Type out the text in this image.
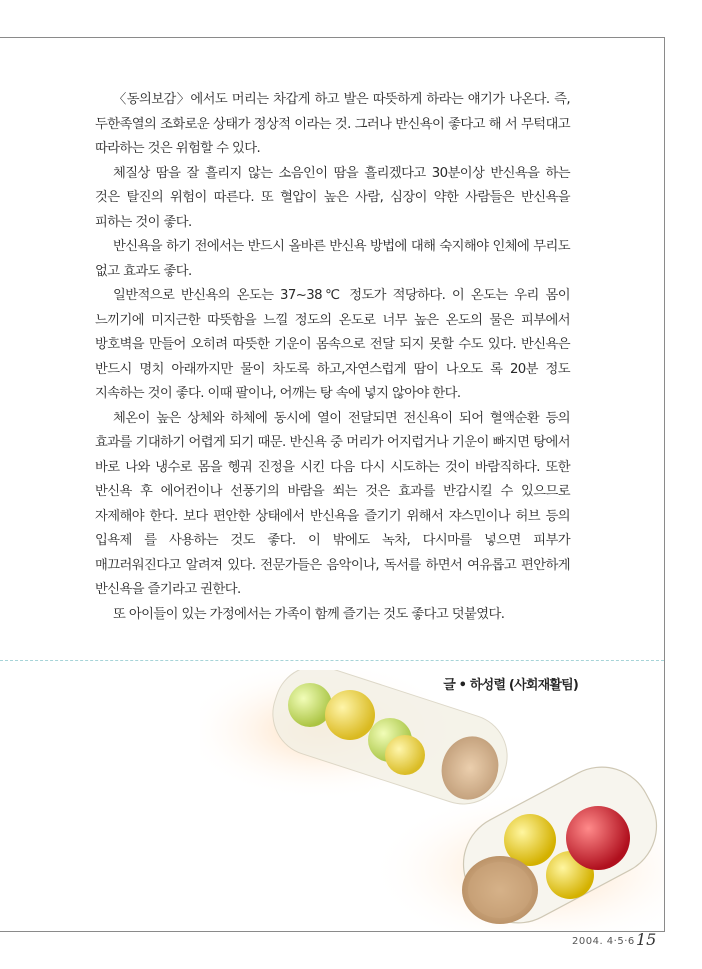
〈동의보감〉에서도 머리는 차갑게 하고 발은 따뜻하게 하라는 얘기가 나온다. 즉, 두한족열의 조화로운 상태가 정상적 이라는 것. 그러나 반신욕이 좋다고 해 서 무턱대고 따라하는 것은 위험할 수 있다.

체질상 땀을 잘 흘리지 않는 소음인이 땀을 흘리겠다고 30분이상 반신욕을 하는 것은 탈진의 위험이 따른다. 또 혈압이 높은 사람, 심장이 약한 사람들은 반신욕을 피하는 것이 좋다.

반신욕을 하기 전에서는 반드시 올바른 반신욕 방법에 대해 숙지해야 인체에 무리도 없고 효과도 좋다.

일반적으로 반신욕의 온도는 37~38℃ 정도가 적당하다. 이 온도는 우리 몸이 느끼기에 미지근한 따뜻함을 느낄 정도의 온도로 너무 높은 온도의 물은 피부에서 방호벽을 만들어 오히려 따뜻한 기운이 몸속으로 전달 되지 못할 수도 있다. 반신욕은 반드시 명치 아래까지만 물이 차도록 하고,자연스럽게 땀이 나오도 록 20분 정도 지속하는 것이 좋다. 이때 팔이나, 어깨는 탕 속에 넣지 않아야 한다.

체온이 높은 상체와 하체에 동시에 열이 전달되면 전신욕이 되어 혈액순환 등의 효과를 기대하기 어렵게 되기 때문. 반신욕 중 머리가 어지럽거나 기운이 빠지면 탕에서 바로 나와 냉수로 몸을 헹궈 진정을 시킨 다음 다시 시도하는 것이 바람직하다. 또한 반신욕 후 에어컨이나 선풍기의 바람을 쐬는 것은 효과를 반감시킬 수 있으므로 자제해야 한다. 보다 편안한 상태에서 반신욕을 즐기기 위해서 쟈스민이나 허브 등의 입욕제 를 사용하는 것도 좋다. 이 밖에도 녹차, 다시마를 넣으면 피부가 매끄러워진다고 알려져 있다. 전문가들은 음악이나, 독서를 하면서 여유롭고 편안하게 반신욕을 즐기라고 권한다.

또 아이들이 있는 가정에서는 가족이 함께 즐기는 것도 좋다고 덧붙였다.

글 • 하성렬 (사회재활팀)
2004. 4·5·6 15
